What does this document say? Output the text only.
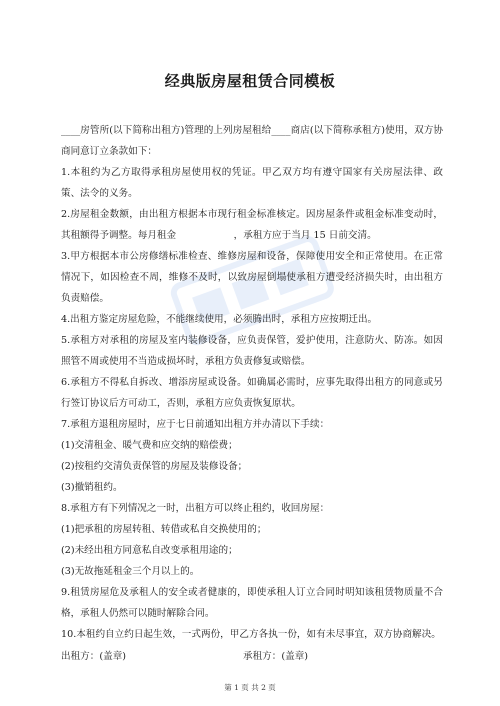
经典版房屋租赁合同模板

____房管所(以下简称出租方)管理的上列房屋租给____商店(以下简称承租方)使用，双方协商同意订立条款如下：

1.本租约为乙方取得承租房屋使用权的凭证。甲乙双方均有遵守国家有关房屋法律、政策、法令的义务。

2.房屋租金数额，由出租方根据本市现行租金标准核定。因房屋条件或租金标准变动时，其租额得予调整。每月租金　　　　　　，承租方应于当月 15 日前交清。

3.甲方根据本市公房修缮标准检查、维修房屋和设备，保障使用安全和正常使用。在正常情况下，如因检查不周，维修不及时，以致房屋倒塌使承租方遭受经济损失时，由出租方负责赔偿。

4.出租方鉴定房屋危险，不能继续使用，必须腾出时，承租方应按期迁出。

5.承租方对承租的房屋及室内装修设备，应负责保管，爱护使用，注意防火、防冻。如因照管不周或使用不当造成损坏时，承租方负责修复或赔偿。

6.承租方不得私自拆改、增添房屋或设备。如确属必需时，应事先取得出租方的同意或另行签订协议后方可动工，否则，承租方应负责恢复原状。

7.承租方退租房屋时，应于七日前通知出租方并办清以下手续：

(1)交清租金、暖气费和应交纳的赔偿费；

(2)按租约交清负责保管的房屋及装修设备；

(3)撤销租约。

8.承租方有下列情况之一时，出租方可以终止租约，收回房屋：

(1)把承租的房屋转租、转借或私自交换使用的；

(2)未经出租方同意私自改变承租用途的；

(3)无故拖延租金三个月以上的。

9.租赁房屋危及承租人的安全或者健康的，即使承租人订立合同时明知该租赁物质量不合格，承租人仍然可以随时解除合同。

10.本租约自立约日起生效，一式两份，甲乙方各执一份，如有未尽事宜，双方协商解决。

出租方：(盖章)	承租方：(盖章)
第 1 页 共 2 页
